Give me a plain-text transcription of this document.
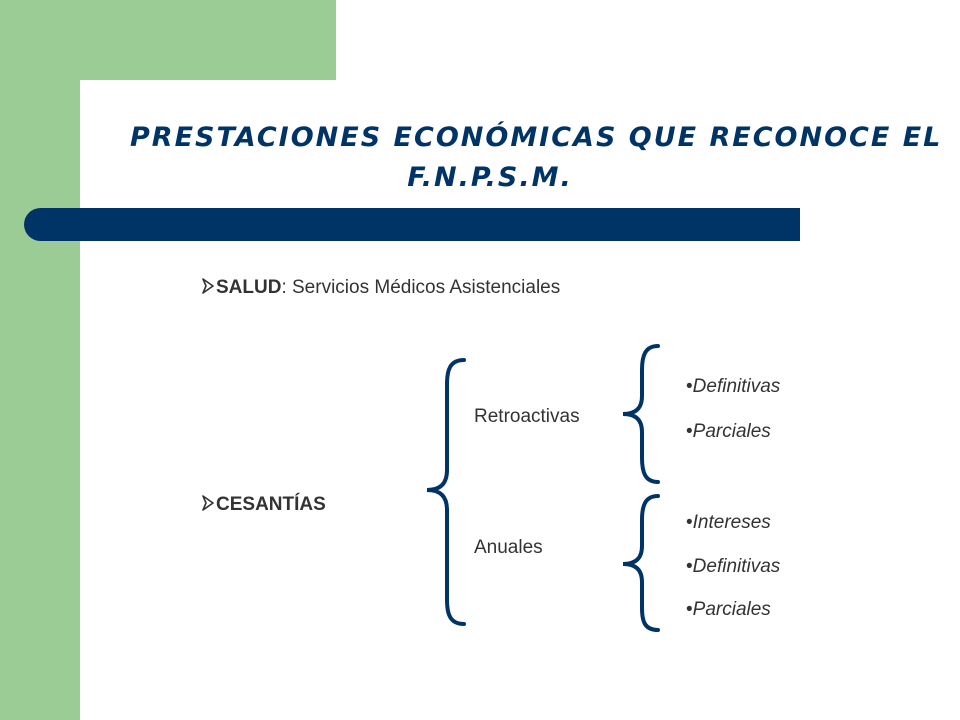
PRESTACIONES ECONÓMICAS QUE RECONOCE EL
F.N.P.S.M.
SALUD: Servicios Médicos Asistenciales
CESANTÍAS
Retroactivas
Anuales
•Definitivas
•Parciales
•Intereses
•Definitivas
•Parciales
